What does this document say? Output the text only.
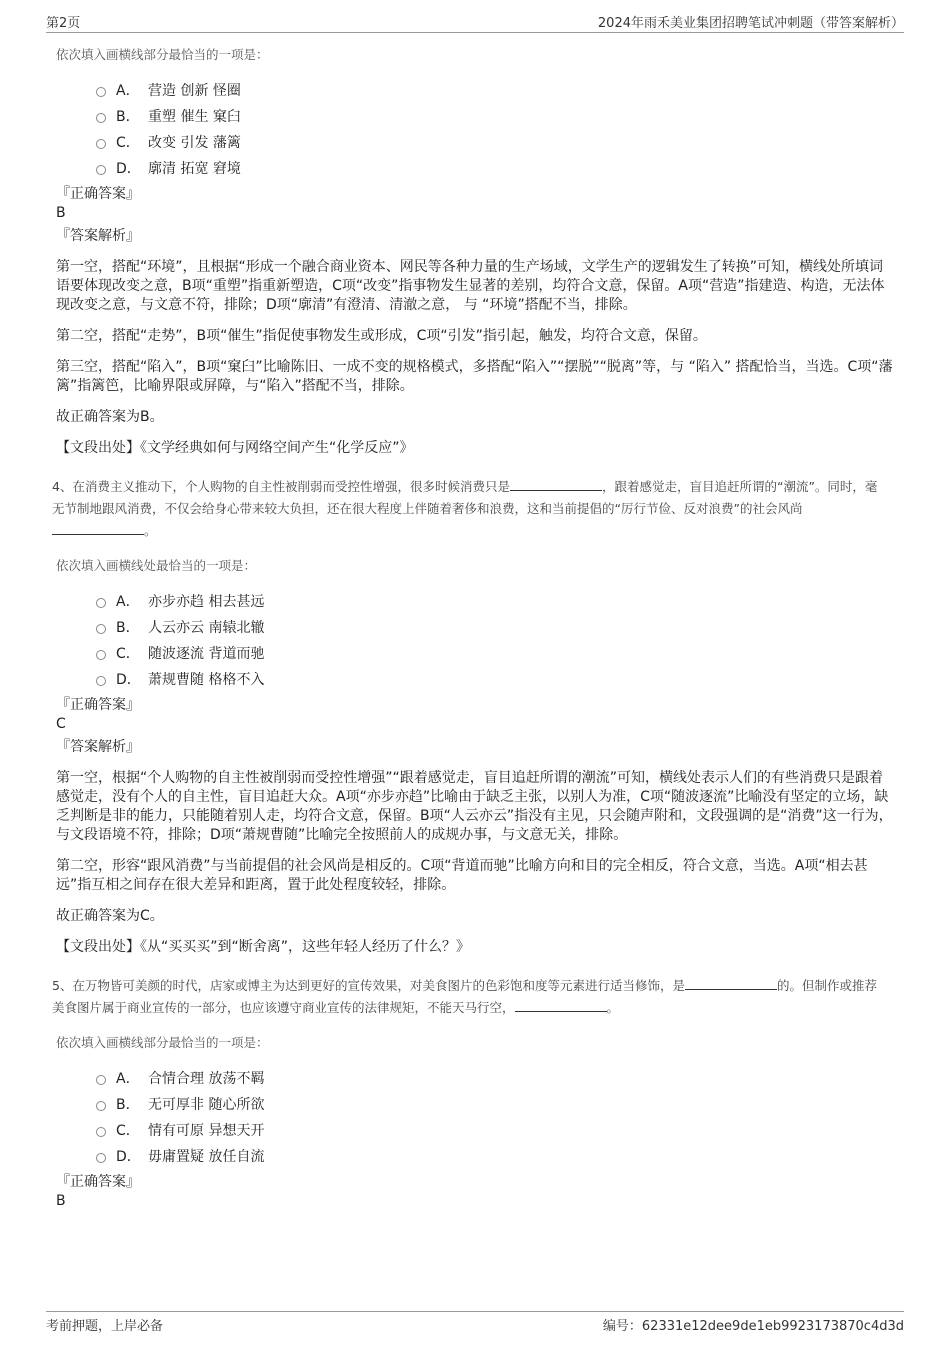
第2页	2024年雨禾美业集团招聘笔试冲刺题（带答案解析）

依次填入画横线部分最恰当的一项是：

A． 营造 创新 怪圈
B． 重塑 催生 窠臼
C． 改变 引发 藩篱
D． 廓清 拓宽 窘境

『正确答案』

B

『答案解析』

第一空，搭配“环境”，且根据“形成一个融合商业资本、网民等各种力量的生产场域，文学生产的逻辑发生了转换”可知，横线处所填词语要体现改变之意，B项“重塑”指重新塑造，C项“改变”指事物发生显著的差别，均符合文意，保留。A项“营造”指建造、构造，无法体现改变之意，与文意不符，排除；D项“廓清”有澄清、清澈之意， 与 “环境”搭配不当，排除。

第二空，搭配“走势”，B项“催生”指促使事物发生或形成，C项“引发”指引起，触发，均符合文意，保留。

第三空，搭配“陷入”，B项“窠臼”比喻陈旧、一成不变的规格模式，多搭配“陷入”“摆脱”“脱离”等，与 “陷入” 搭配恰当，当选。C项“藩篱”指篱笆，比喻界限或屏障，与“陷入”搭配不当，排除。

故正确答案为B。

【文段出处】《文学经典如何与网络空间产生“化学反应”》

4、在消费主义推动下，个人购物的自主性被削弱而受控性增强，很多时候消费只是	，跟着感觉走，盲目追赶所谓的“潮流”。同时，毫无节制地跟风消费，不仅会给身心带来较大负担，还在很大程度上伴随着奢侈和浪费，这和当前提倡的“厉行节俭、反对浪费”的社会风尚。

依次填入画横线处最恰当的一项是：

A． 亦步亦趋 相去甚远
B． 人云亦云 南辕北辙
C． 随波逐流 背道而驰
D． 萧规曹随 格格不入

『正确答案』

C

『答案解析』

第一空，根据“个人购物的自主性被削弱而受控性增强”“跟着感觉走，盲目追赶所谓的潮流”可知，横线处表示人们的有些消费只是跟着感觉走，没有个人的自主性，盲目追赶大众。A项“亦步亦趋”比喻由于缺乏主张，以别人为准，C项“随波逐流”比喻没有坚定的立场，缺乏判断是非的能力，只能随着别人走，均符合文意，保留。B项“人云亦云”指没有主见，只会随声附和，文段强调的是“消费”这一行为，与文段语境不符，排除；D项“萧规曹随”比喻完全按照前人的成规办事，与文意无关，排除。

第二空，形容“跟风消费”与当前提倡的社会风尚是相反的。C项“背道而驰”比喻方向和目的完全相反，符合文意，当选。A项“相去甚远”指互相之间存在很大差异和距离，置于此处程度较轻，排除。

故正确答案为C。

【文段出处】《从“买买买”到“断舍离”，这些年轻人经历了什么？》

5、在万物皆可美颜的时代，店家或博主为达到更好的宣传效果，对美食图片的色彩饱和度等元素进行适当修饰，是	的。但制作或推荐美食图片属于商业宣传的一部分，也应该遵守商业宣传的法律规矩，不能天马行空，	。

依次填入画横线部分最恰当的一项是：

A． 合情合理 放荡不羁
B． 无可厚非 随心所欲
C． 情有可原 异想天开
D． 毋庸置疑 放任自流

『正确答案』

B

考前押题，上岸必备	编号：62331e12dee9de1eb9923173870c4d3d
